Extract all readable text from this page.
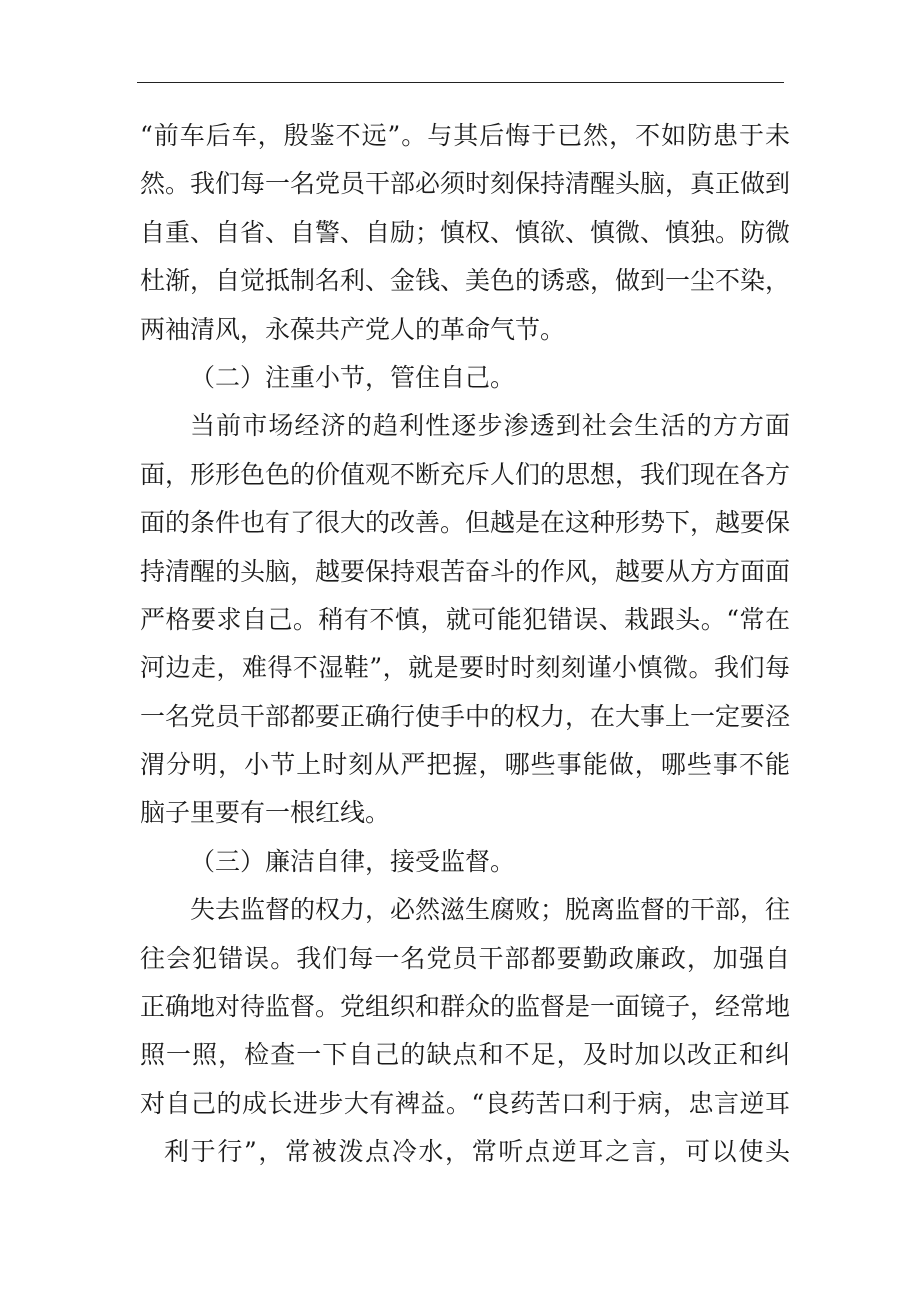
“前车后车，殷鉴不远”。与其后悔于已然，不如防患于未
然。我们每一名党员干部必须时刻保持清醒头脑，真正做到
自重、自省、自警、自励；慎权、慎欲、慎微、慎独。防微
杜渐，自觉抵制名利、金钱、美色的诱惑，做到一尘不染，
两袖清风，永葆共产党人的革命气节。
（二）注重小节，管住自己。
当前市场经济的趋利性逐步渗透到社会生活的方方面
面，形形色色的价值观不断充斥人们的思想，我们现在各方
面的条件也有了很大的改善。但越是在这种形势下，越要保
持清醒的头脑，越要保持艰苦奋斗的作风，越要从方方面面
严格要求自己。稍有不慎，就可能犯错误、栽跟头。“常在
河边走，难得不湿鞋”，就是要时时刻刻谨小慎微。我们每
一名党员干部都要正确行使手中的权力，在大事上一定要泾
渭分明，小节上时刻从严把握，哪些事能做，哪些事不能
脑子里要有一根红线。
（三）廉洁自律，接受监督。
失去监督的权力，必然滋生腐败；脱离监督的干部，往
往会犯错误。我们每一名党员干部都要勤政廉政，加强自
正确地对待监督。党组织和群众的监督是一面镜子，经常地
照一照，检查一下自己的缺点和不足，及时加以改正和纠
对自己的成长进步大有裨益。“良药苦口利于病，忠言逆耳
利于行”，常被泼点冷水，常听点逆耳之言，可以使头
